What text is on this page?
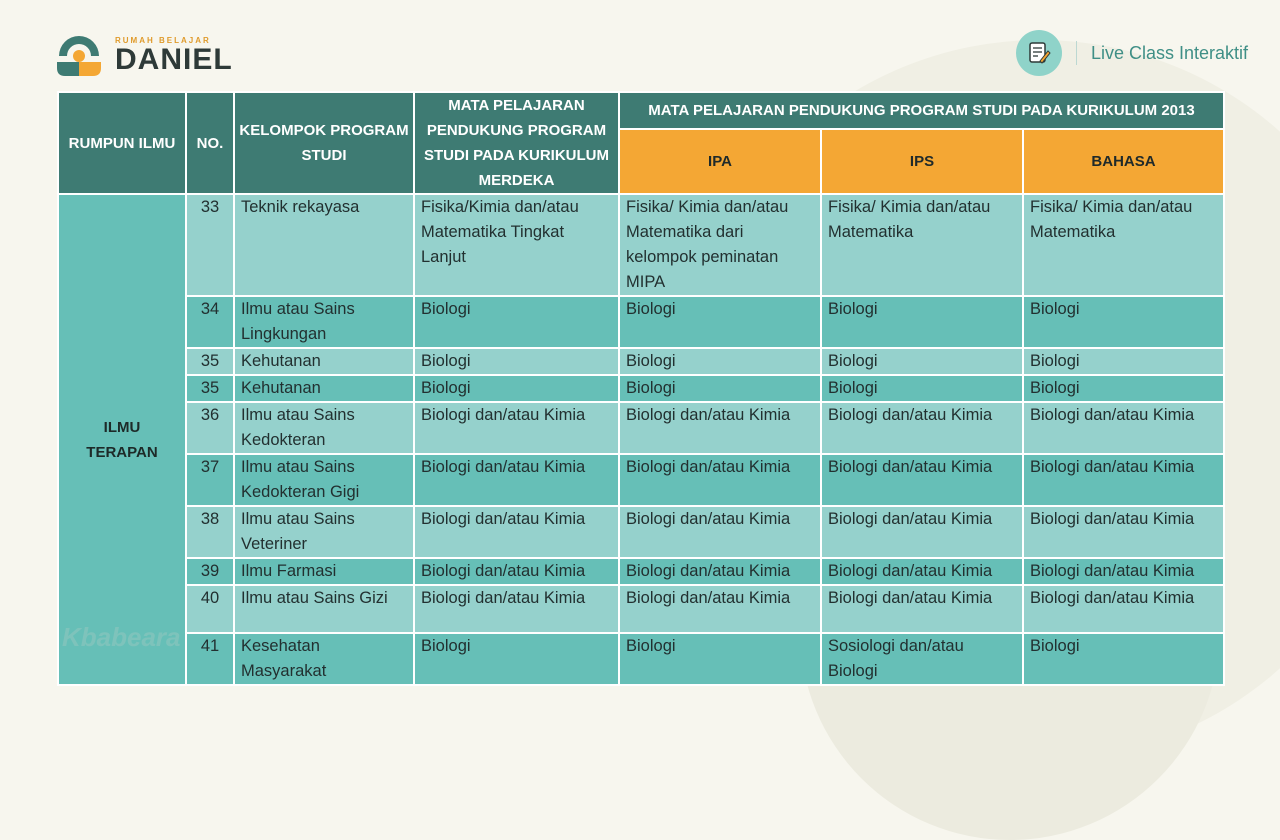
RUMAH BELAJAR
DANIEL	Live Class Interaktif
RUMPUN ILMU	NO.	KELOMPOK PROGRAM STUDI	MATA PELAJARAN PENDUKUNG PROGRAM STUDI PADA KURIKULUM MERDEKA	MATA PELAJARAN PENDUKUNG PROGRAM STUDI PADA KURIKULUM 2013		
				IPA	IPS	BAHASA
ILMU TERAPAN	33	Teknik rekayasa	Fisika/Kimia dan/atau Matematika Tingkat Lanjut	Fisika/ Kimia dan/atau Matematika dari kelompok peminatan MIPA	Fisika/ Kimia dan/atau Matematika	Fisika/ Kimia dan/atau Matematika
	34	Ilmu atau Sains Lingkungan	Biologi	Biologi	Biologi	Biologi
	35	Kehutanan	Biologi	Biologi	Biologi	Biologi
	35	Kehutanan	Biologi	Biologi	Biologi	Biologi
	36	Ilmu atau Sains Kedokteran	Biologi dan/atau Kimia	Biologi dan/atau Kimia	Biologi dan/atau Kimia	Biologi dan/atau Kimia
	37	Ilmu atau Sains Kedokteran Gigi	Biologi dan/atau Kimia	Biologi dan/atau Kimia	Biologi dan/atau Kimia	Biologi dan/atau Kimia
	38	Ilmu atau Sains Veteriner	Biologi dan/atau Kimia	Biologi dan/atau Kimia	Biologi dan/atau Kimia	Biologi dan/atau Kimia
	39	Ilmu Farmasi	Biologi dan/atau Kimia	Biologi dan/atau Kimia	Biologi dan/atau Kimia	Biologi dan/atau Kimia
	40	Ilmu atau Sains Gizi	Biologi dan/atau Kimia	Biologi dan/atau Kimia	Biologi dan/atau Kimia	Biologi dan/atau Kimia
	41	Kesehatan Masyarakat	Biologi	Biologi	Sosiologi dan/atau Biologi	Biologi
Kbabeara
